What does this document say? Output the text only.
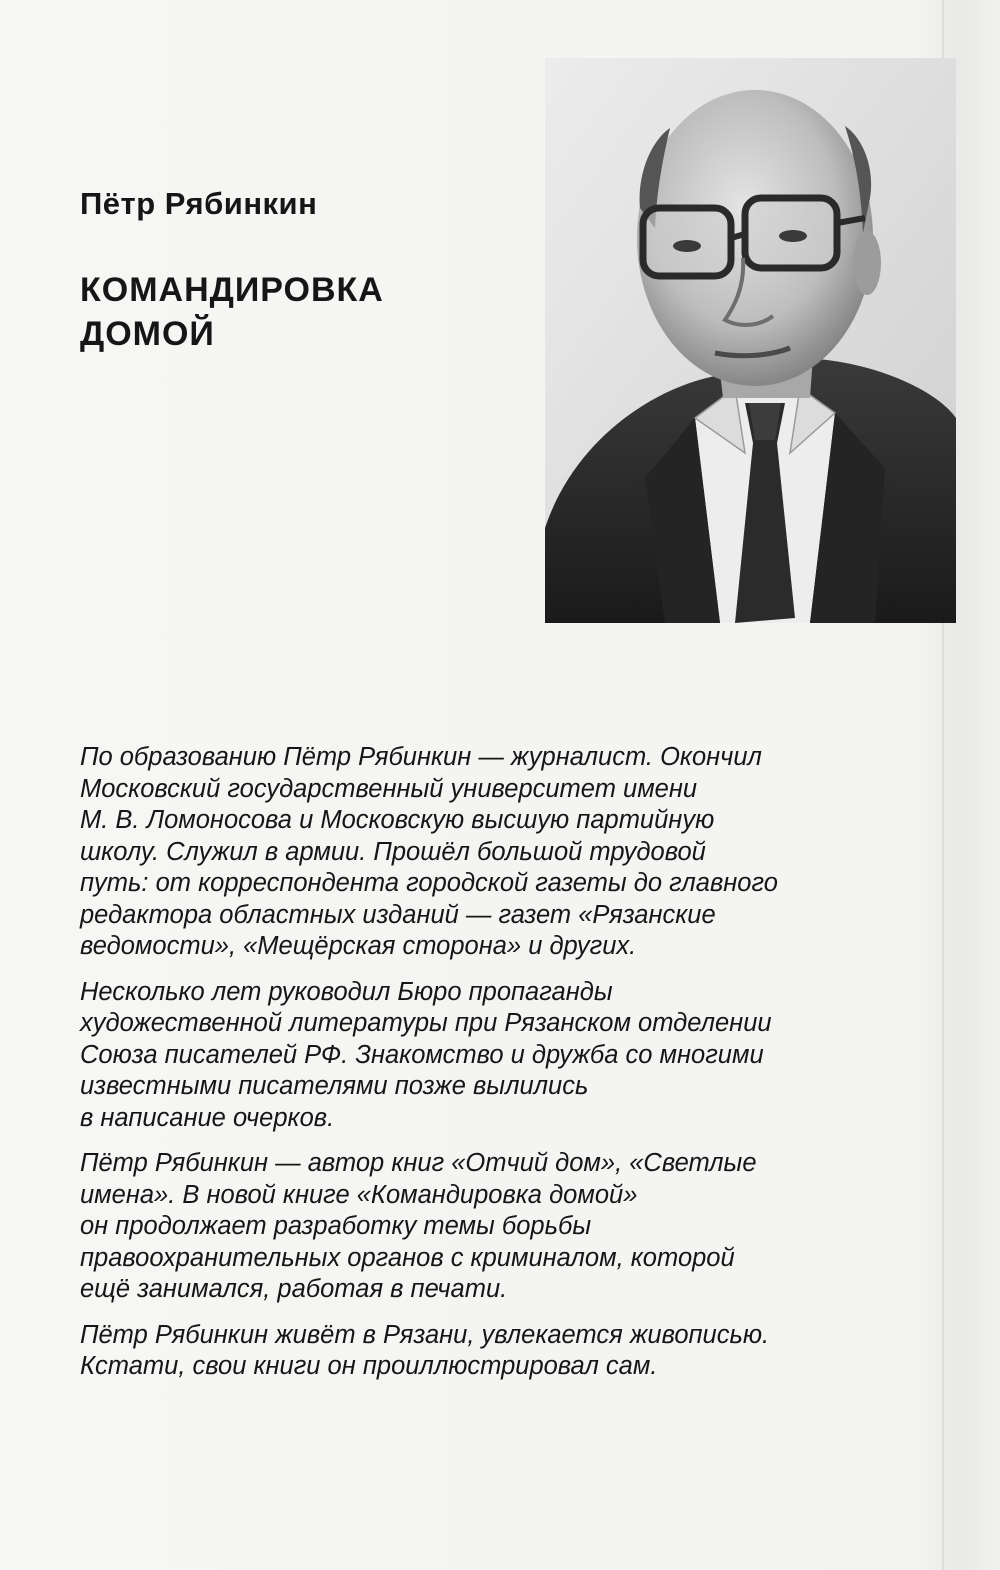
Пётр Рябинкин
КОМАНДИРОВКА
ДОМОЙ

По образованию Пётр Рябинкин — журналист. Окончил
Московский государственный университет имени
М. В. Ломоносова и Московскую высшую партийную
школу. Служил в армии. Прошёл большой трудовой
путь: от корреспондента городской газеты до главного
редактора областных изданий — газет «Рязанские
ведомости», «Мещёрская сторона» и других.

Несколько лет руководил Бюро пропаганды
художественной литературы при Рязанском отделении
Союза писателей РФ. Знакомство и дружба со многими
известными писателями позже вылились
в написание очерков.

Пётр Рябинкин — автор книг «Отчий дом», «Светлые
имена». В новой книге «Командировка домой»
он продолжает разработку темы борьбы
правоохранительных органов с криминалом, которой
ещё занимался, работая в печати.

Пётр Рябинкин живёт в Рязани, увлекается живописью.
Кстати, свои книги он проиллюстрировал сам.
